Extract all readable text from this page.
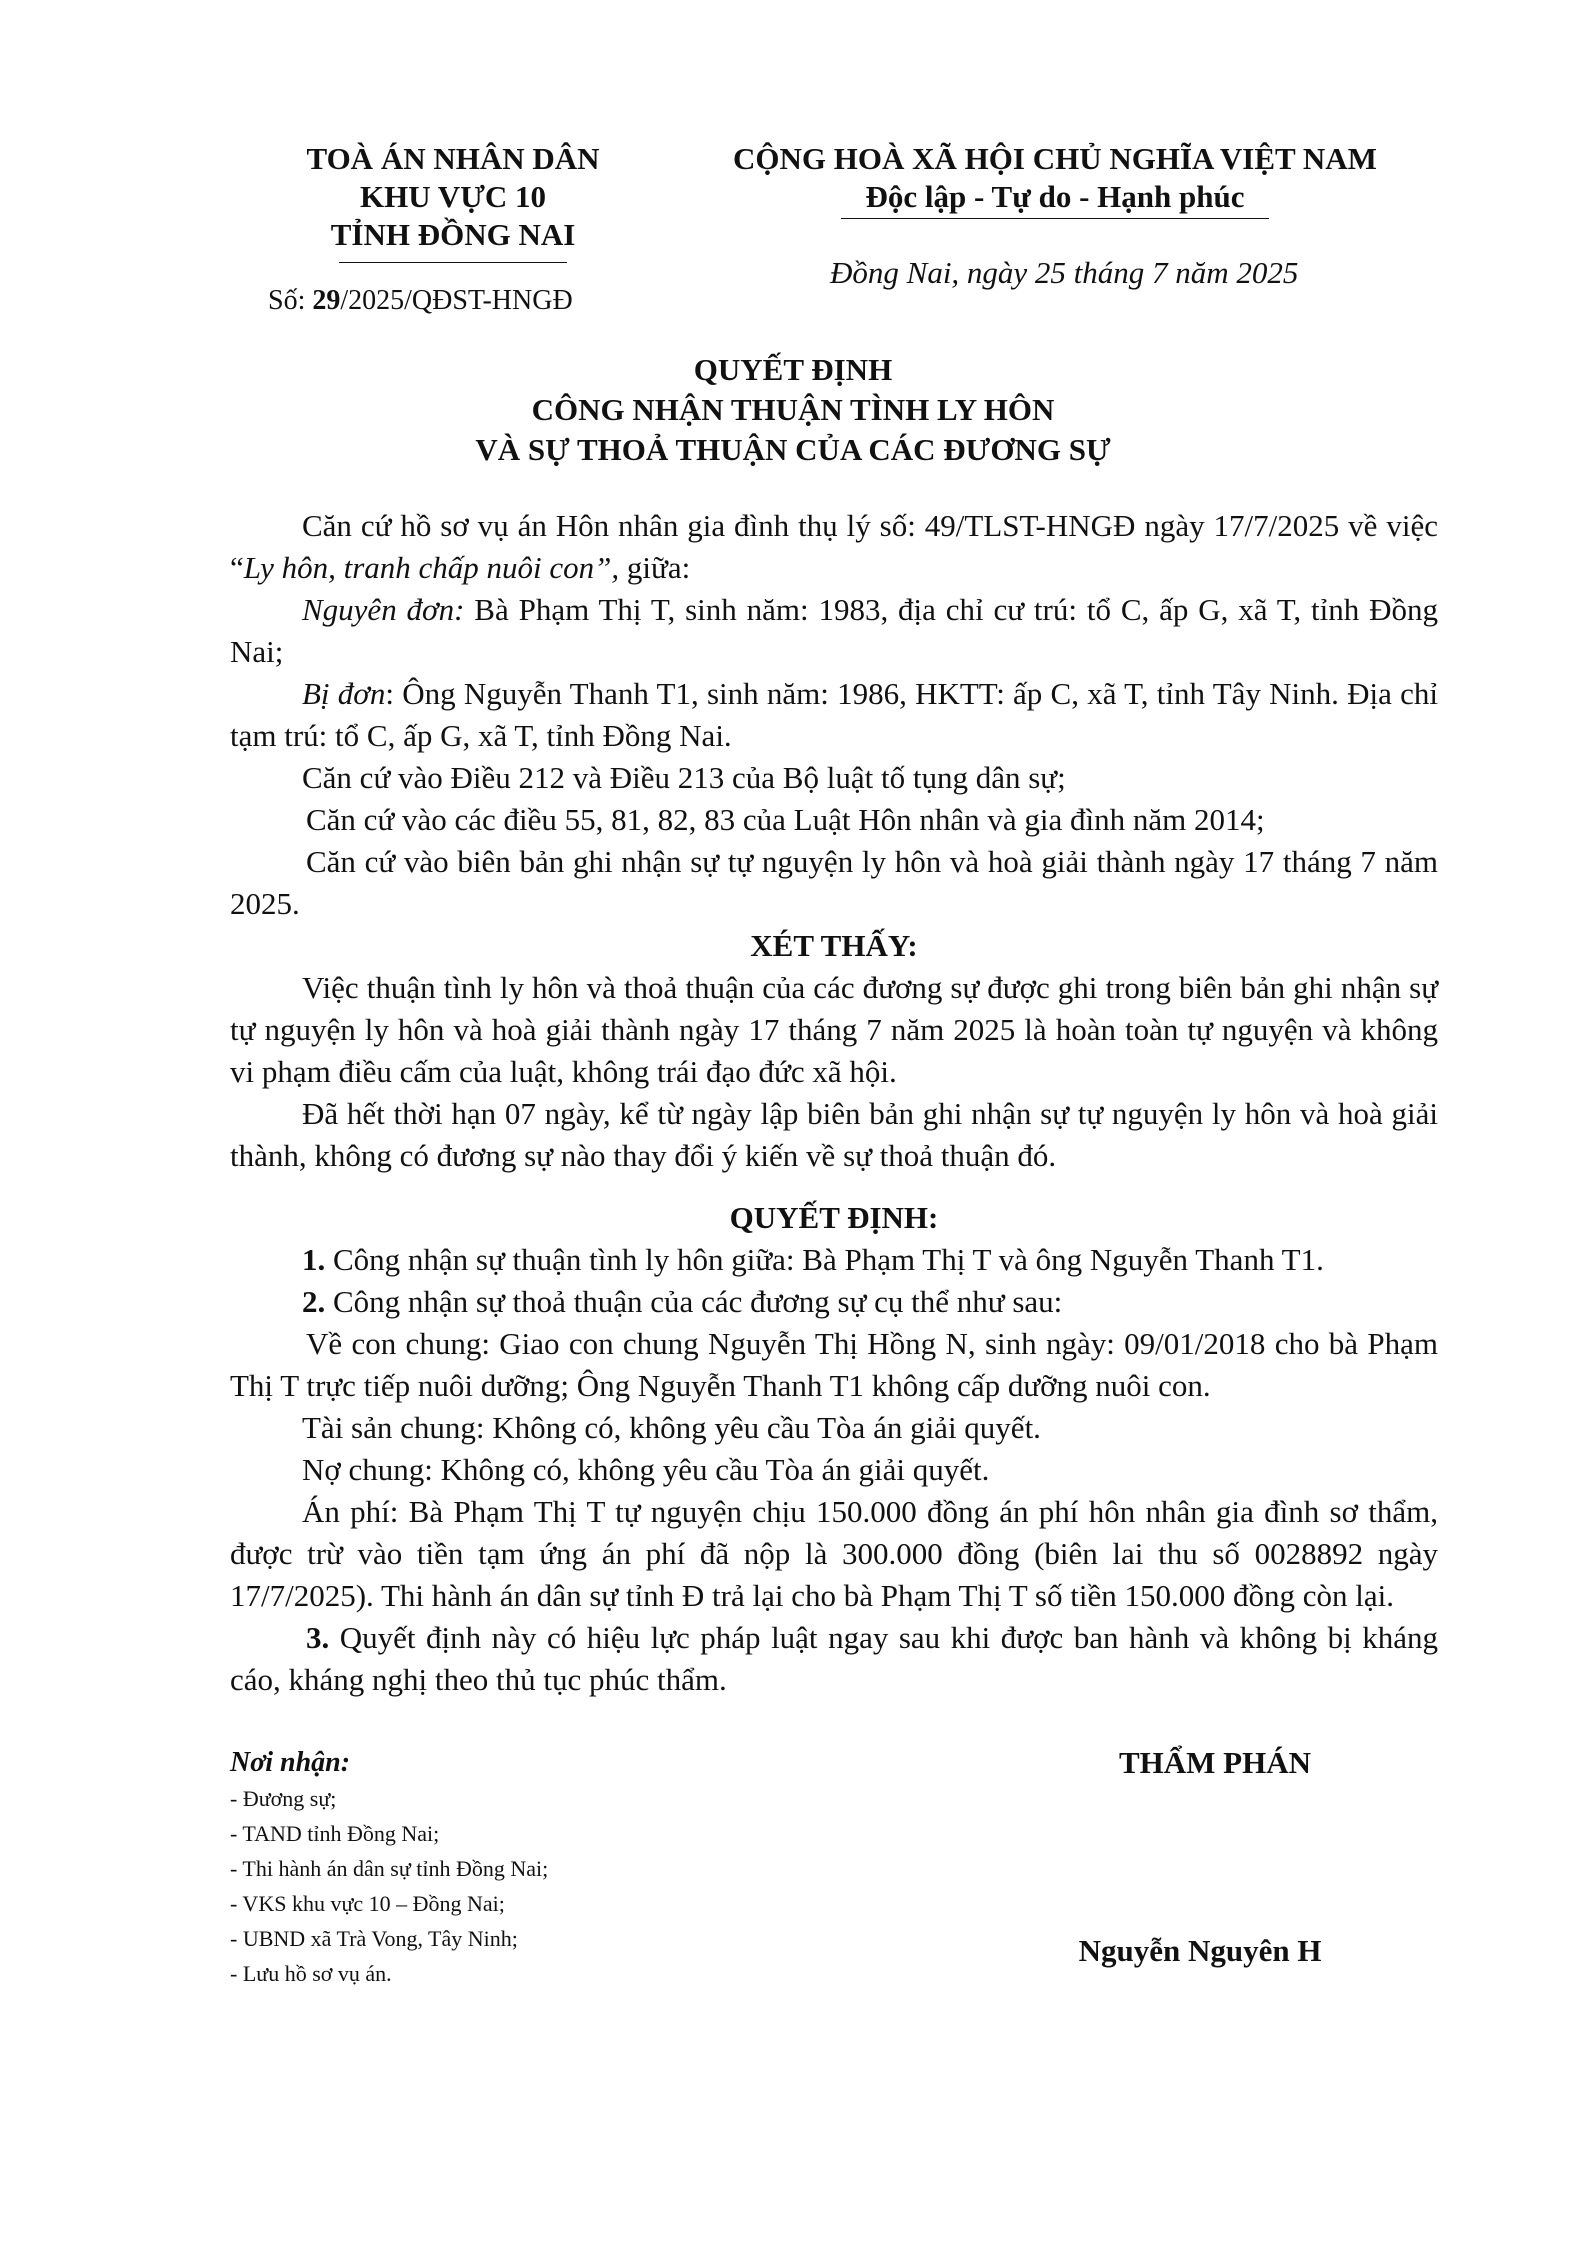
TOÀ ÁN NHÂN DÂN
KHU VỰC 10
TỈNH ĐỒNG NAI
Số: 29/2025/QĐST-HNGĐ
CỘNG HOÀ XÃ HỘI CHỦ NGHĨA VIỆT NAM
Độc lập - Tự do - Hạnh phúc
Đồng Nai, ngày 25 tháng 7 năm 2025
QUYẾT ĐỊNH
CÔNG NHẬN THUẬN TÌNH LY HÔN
VÀ SỰ THOẢ THUẬN CỦA CÁC ĐƯƠNG SỰ

Căn cứ hồ sơ vụ án Hôn nhân gia đình thụ lý số: 49/TLST-HNGĐ ngày 17/7/2025 về việc “Ly hôn, tranh chấp nuôi con”, giữa:

Nguyên đơn: Bà Phạm Thị T, sinh năm: 1983, địa chỉ cư trú: tổ C, ấp G, xã T, tỉnh Đồng Nai;

Bị đơn: Ông Nguyễn Thanh T1, sinh năm: 1986, HKTT: ấp C, xã T, tỉnh Tây Ninh. Địa chỉ tạm trú: tổ C, ấp G, xã T, tỉnh Đồng Nai.

Căn cứ vào Điều 212 và Điều 213 của Bộ luật tố tụng dân sự;

Căn cứ vào các điều 55, 81, 82, 83 của Luật Hôn nhân và gia đình năm 2014;

Căn cứ vào biên bản ghi nhận sự tự nguyện ly hôn và hoà giải thành ngày 17 tháng 7 năm 2025.

XÉT THẤY:

Việc thuận tình ly hôn và thoả thuận của các đương sự được ghi trong biên bản ghi nhận sự tự nguyện ly hôn và hoà giải thành ngày 17 tháng 7 năm 2025 là hoàn toàn tự nguyện và không vi phạm điều cấm của luật, không trái đạo đức xã hội.

Đã hết thời hạn 07 ngày, kể từ ngày lập biên bản ghi nhận sự tự nguyện ly hôn và hoà giải thành, không có đương sự nào thay đổi ý kiến về sự thoả thuận đó.

QUYẾT ĐỊNH:

1. Công nhận sự thuận tình ly hôn giữa: Bà Phạm Thị T và ông Nguyễn Thanh T1.

2. Công nhận sự thoả thuận của các đương sự cụ thể như sau:

Về con chung: Giao con chung Nguyễn Thị Hồng N, sinh ngày: 09/01/2018 cho bà Phạm Thị T trực tiếp nuôi dưỡng; Ông Nguyễn Thanh T1 không cấp dưỡng nuôi con.

Tài sản chung: Không có, không yêu cầu Tòa án giải quyết.

Nợ chung: Không có, không yêu cầu Tòa án giải quyết.

Án phí: Bà Phạm Thị T tự nguyện chịu 150.000 đồng án phí hôn nhân gia đình sơ thẩm, được trừ vào tiền tạm ứng án phí đã nộp là 300.000 đồng (biên lai thu số 0028892 ngày 17/7/2025). Thi hành án dân sự tỉnh Đ trả lại cho bà Phạm Thị T số tiền 150.000 đồng còn lại.

3. Quyết định này có hiệu lực pháp luật ngay sau khi được ban hành và không bị kháng cáo, kháng nghị theo thủ tục phúc thẩm.

Nơi nhận:
- Đương sự;
- TAND tỉnh Đồng Nai;
- Thi hành án dân sự tỉnh Đồng Nai;
- VKS khu vực 10 – Đồng Nai;
- UBND xã Trà Vong, Tây Ninh;
- Lưu hồ sơ vụ án.
THẨM PHÁN
Nguyễn Nguyên H
